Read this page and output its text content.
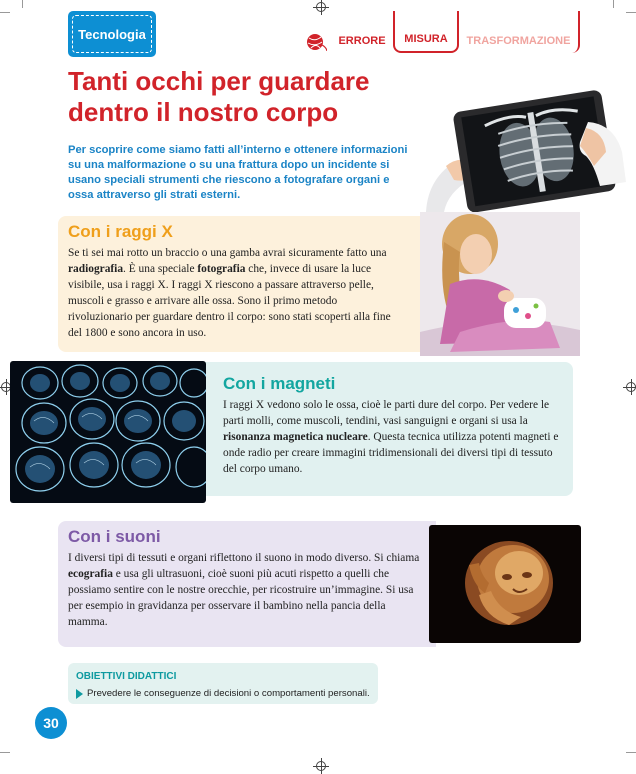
Tecnologia	ERRORE	MISURA	TRASFORMAZIONE
Tanti occhi per guardare dentro il nostro corpo
Per scoprire come siamo fatti all’interno e ottenere informazioni su una malformazione o su una frattura dopo un incidente si usano speciali strumenti che riescono a fotografare organi e ossa attraverso gli strati esterni.
Con i raggi X

Se ti sei mai rotto un braccio o una gamba avrai sicuramente fatto una radiografia. È una speciale fotografia che, invece di usare la luce visibile, usa i raggi X. I raggi X riescono a passare attraverso pelle, muscoli e grasso e arrivare alle ossa. Sono il primo metodo rivoluzionario per guardare dentro il corpo: sono stati scoperti alla fine del 1800 e sono ancora in uso.

Con i magneti

I raggi X vedono solo le ossa, cioè le parti dure del corpo. Per vedere le parti molli, come muscoli, tendini, vasi sanguigni e organi si usa la risonanza magnetica nucleare. Questa tecnica utilizza potenti magneti e onde radio per creare immagini tridimensionali dei diversi tipi di tessuto del corpo umano.

Con i suoni

I diversi tipi di tessuti e organi riflettono il suono in modo diverso. Si chiama ecografia e usa gli ultrasuoni, cioè suoni più acuti rispetto a quelli che possiamo sentire con le nostre orecchie, per ricostruire un’immagine. Si usa per esempio in gravidanza per osservare il bambino nella pancia della mamma.

OBIETTIVI DIDATTICI
Prevedere le conseguenze di decisioni o comportamenti personali.
30
